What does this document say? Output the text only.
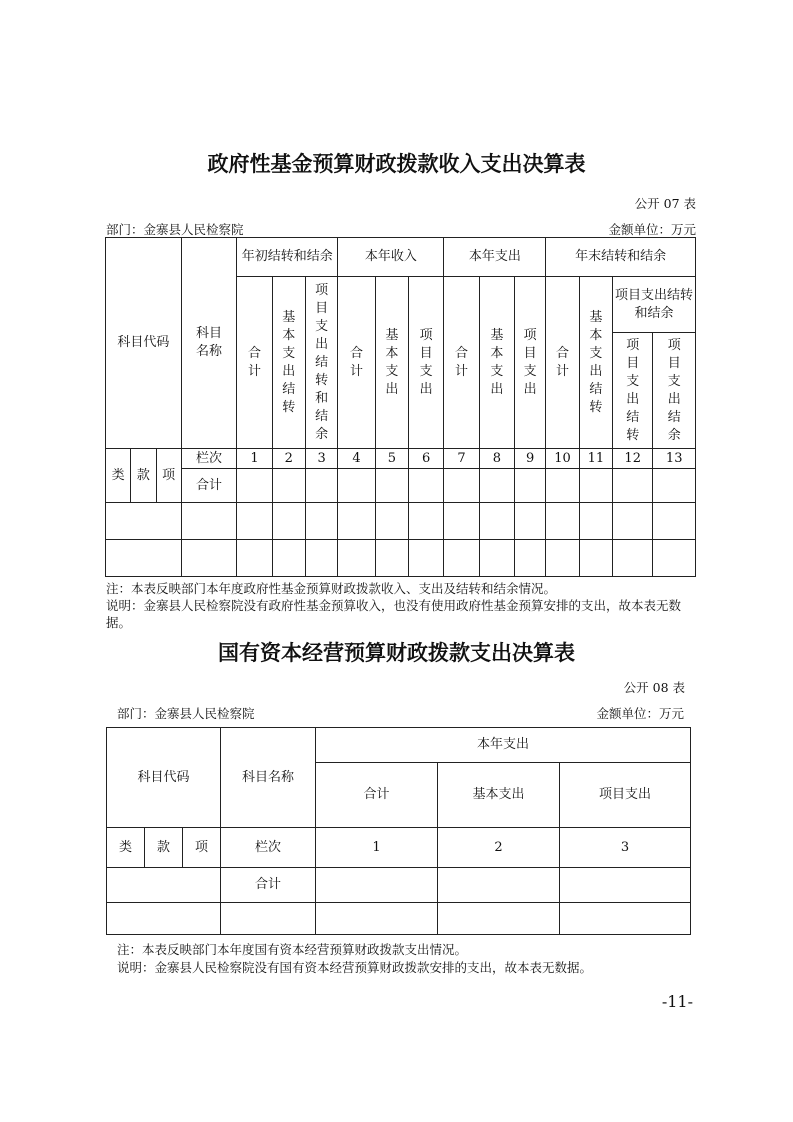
政府性基金预算财政拨款收入支出决算表
公开 07 表
部门：金寨县人民检察院	金额单位：万元
科目代码			科目名称	年初结转和结余			本年收入			本年支出			年末结转和结余			
				合计	基本支出结转	项目支出结转和结余	合计	基本支出	项目支出	合计	基本支出	项目支出	合计	基本支出结转	项目支出结转和结余	

															项目支出结转	项目支出结余
类	款	项	栏次	1	2	3	4	5	6	7	8	9	10	11	12	13
			合计													

注：本表反映部门本年度政府性基金预算财政拨款收入、支出及结转和结余情况。
说明：金寨县人民检察院没有政府性基金预算收入，也没有使用政府性基金预算安排的支出，故本表无数据。
国有资本经营预算财政拨款支出决算表
公开 08 表
部门：金寨县人民检察院	金额单位：万元
科目代码			科目名称	本年支出		
				合计	基本支出	项目支出
类	款	项	栏次	1	2	3
			合计			

注：本表反映部门本年度国有资本经营预算财政拨款支出情况。
说明：金寨县人民检察院没有国有资本经营预算财政拨款安排的支出，故本表无数据。
-11-
